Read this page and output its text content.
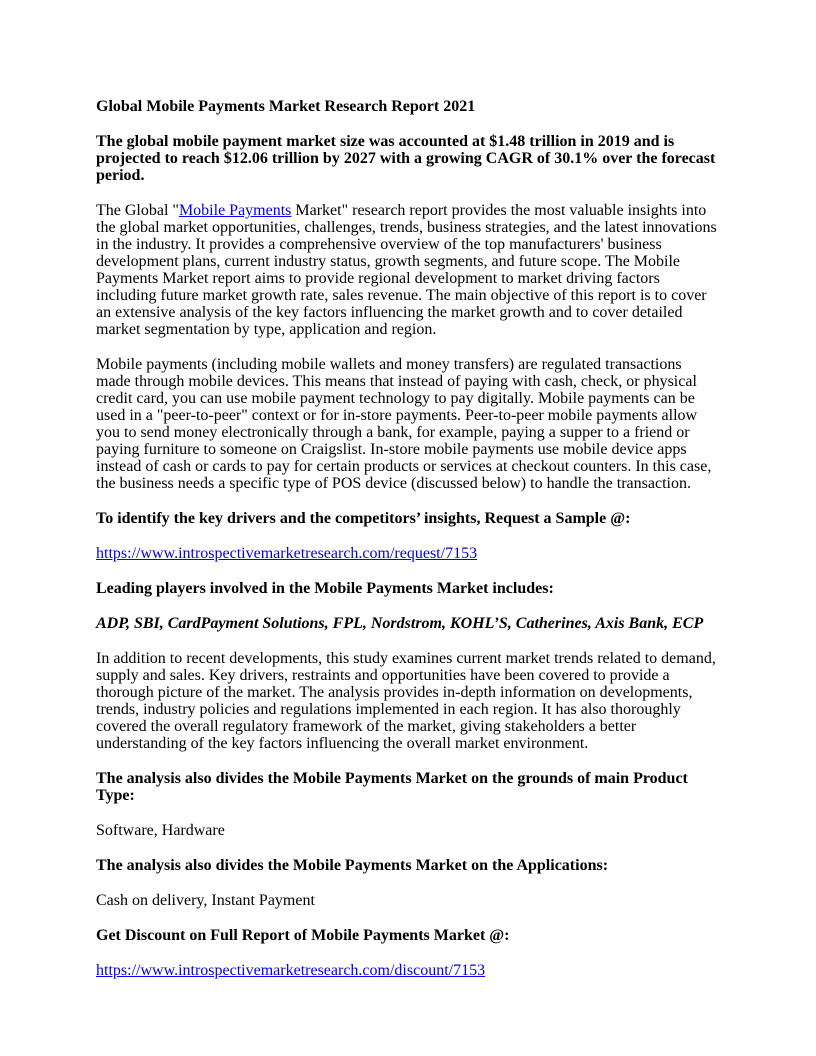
Global Mobile Payments Market Research Report 2021

The global mobile payment market size was accounted at $1.48 trillion in 2019 and is projected to reach $12.06 trillion by 2027 with a growing CAGR of 30.1% over the forecast period.

The Global "Mobile Payments Market" research report provides the most valuable insights into the global market opportunities, challenges, trends, business strategies, and the latest innovations in the industry. It provides a comprehensive overview of the top manufacturers' business development plans, current industry status, growth segments, and future scope. The Mobile Payments Market report aims to provide regional development to market driving factors including future market growth rate, sales revenue. The main objective of this report is to cover an extensive analysis of the key factors influencing the market growth and to cover detailed market segmentation by type, application and region.

Mobile payments (including mobile wallets and money transfers) are regulated transactions made through mobile devices. This means that instead of paying with cash, check, or physical credit card, you can use mobile payment technology to pay digitally. Mobile payments can be used in a "peer-to-peer" context or for in-store payments. Peer-to-peer mobile payments allow you to send money electronically through a bank, for example, paying a supper to a friend or paying furniture to someone on Craigslist. In-store mobile payments use mobile device apps instead of cash or cards to pay for certain products or services at checkout counters. In this case, the business needs a specific type of POS device (discussed below) to handle the transaction.

To identify the key drivers and the competitors’ insights, Request a Sample @:

https://www.introspectivemarketresearch.com/request/7153

Leading players involved in the Mobile Payments Market includes:

ADP, SBI, CardPayment Solutions, FPL, Nordstrom, KOHL’S, Catherines, Axis Bank, ECP

In addition to recent developments, this study examines current market trends related to demand, supply and sales. Key drivers, restraints and opportunities have been covered to provide a thorough picture of the market. The analysis provides in-depth information on developments, trends, industry policies and regulations implemented in each region. It has also thoroughly covered the overall regulatory framework of the market, giving stakeholders a better understanding of the key factors influencing the overall market environment.

The analysis also divides the Mobile Payments Market on the grounds of main Product Type:

Software, Hardware

The analysis also divides the Mobile Payments Market on the Applications:

Cash on delivery, Instant Payment

Get Discount on Full Report of Mobile Payments Market @:

https://www.introspectivemarketresearch.com/discount/7153
